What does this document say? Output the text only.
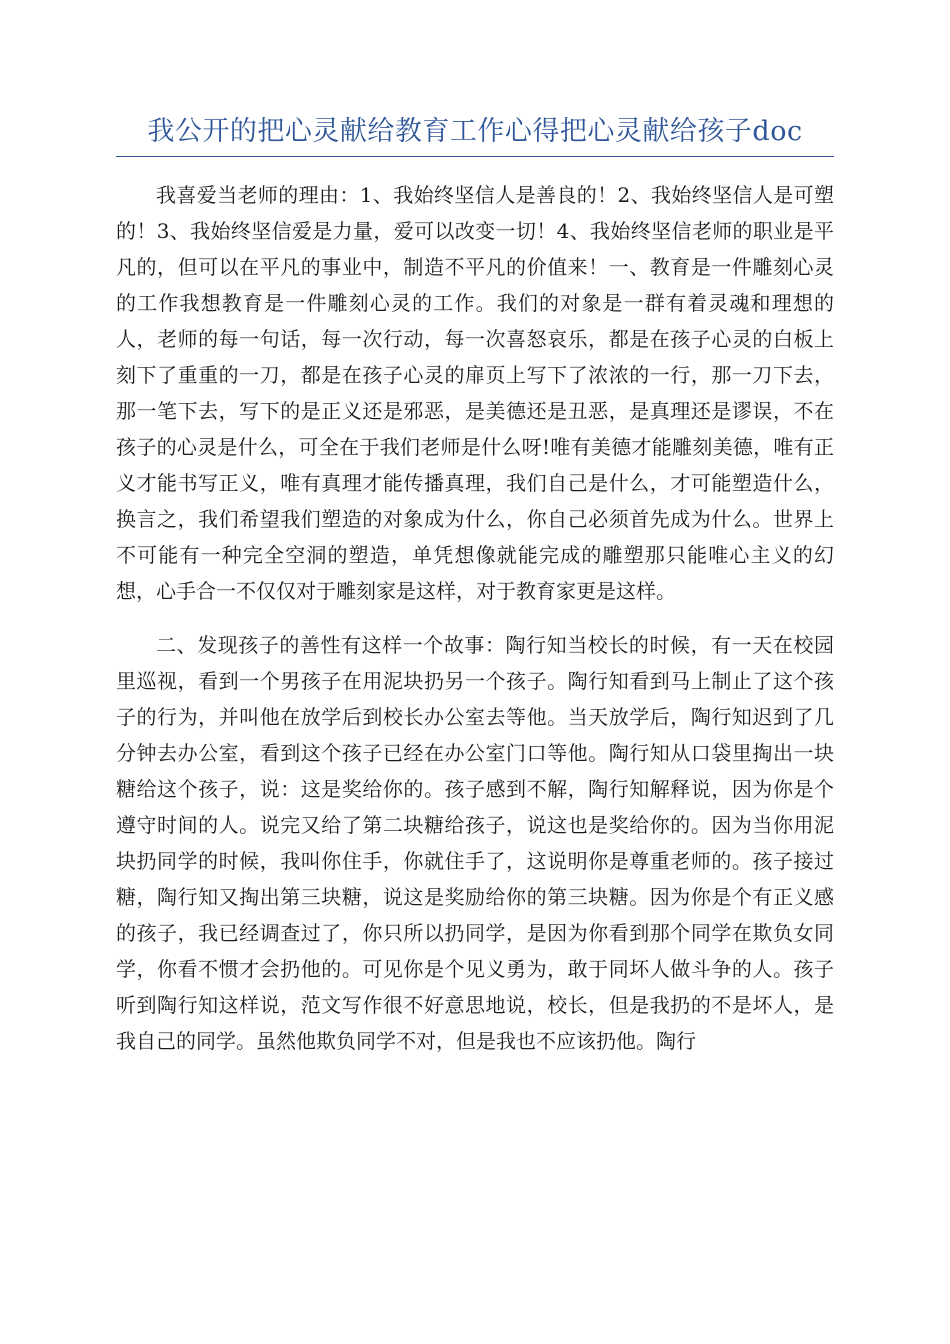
我公开的把心灵献给教育工作心得把心灵献给孩子doc

我喜爱当老师的理由：1、我始终坚信人是善良的！2、我始终坚信人是可塑的！3、我始终坚信爱是力量，爱可以改变一切！4、我始终坚信老师的职业是平凡的，但可以在平凡的事业中，制造不平凡的价值来！一、教育是一件雕刻心灵的工作我想教育是一件雕刻心灵的工作。我们的对象是一群有着灵魂和理想的人，老师的每一句话，每一次行动，每一次喜怒哀乐，都是在孩子心灵的白板上刻下了重重的一刀，都是在孩子心灵的扉页上写下了浓浓的一行，那一刀下去，那一笔下去，写下的是正义还是邪恶，是美德还是丑恶，是真理还是谬误，不在孩子的心灵是什么，可全在于我们老师是什么呀!唯有美德才能雕刻美德，唯有正义才能书写正义，唯有真理才能传播真理，我们自己是什么，才可能塑造什么，换言之，我们希望我们塑造的对象成为什么，你自己必须首先成为什么。世界上不可能有一种完全空洞的塑造，单凭想像就能完成的雕塑那只能唯心主义的幻想，心手合一不仅仅对于雕刻家是这样，对于教育家更是这样。

二、发现孩子的善性有这样一个故事：陶行知当校长的时候，有一天在校园里巡视，看到一个男孩子在用泥块扔另一个孩子。陶行知看到马上制止了这个孩子的行为，并叫他在放学后到校长办公室去等他。当天放学后，陶行知迟到了几分钟去办公室，看到这个孩子已经在办公室门口等他。陶行知从口袋里掏出一块糖给这个孩子，说：这是奖给你的。孩子感到不解，陶行知解释说，因为你是个遵守时间的人。说完又给了第二块糖给孩子，说这也是奖给你的。因为当你用泥块扔同学的时候，我叫你住手，你就住手了，这说明你是尊重老师的。孩子接过糖，陶行知又掏出第三块糖，说这是奖励给你的第三块糖。因为你是个有正义感的孩子，我已经调查过了，你只所以扔同学，是因为你看到那个同学在欺负女同学，你看不惯才会扔他的。可见你是个见义勇为，敢于同坏人做斗争的人。孩子听到陶行知这样说，范文写作很不好意思地说，校长，但是我扔的不是坏人，是我自己的同学。虽然他欺负同学不对，但是我也不应该扔他。陶行
